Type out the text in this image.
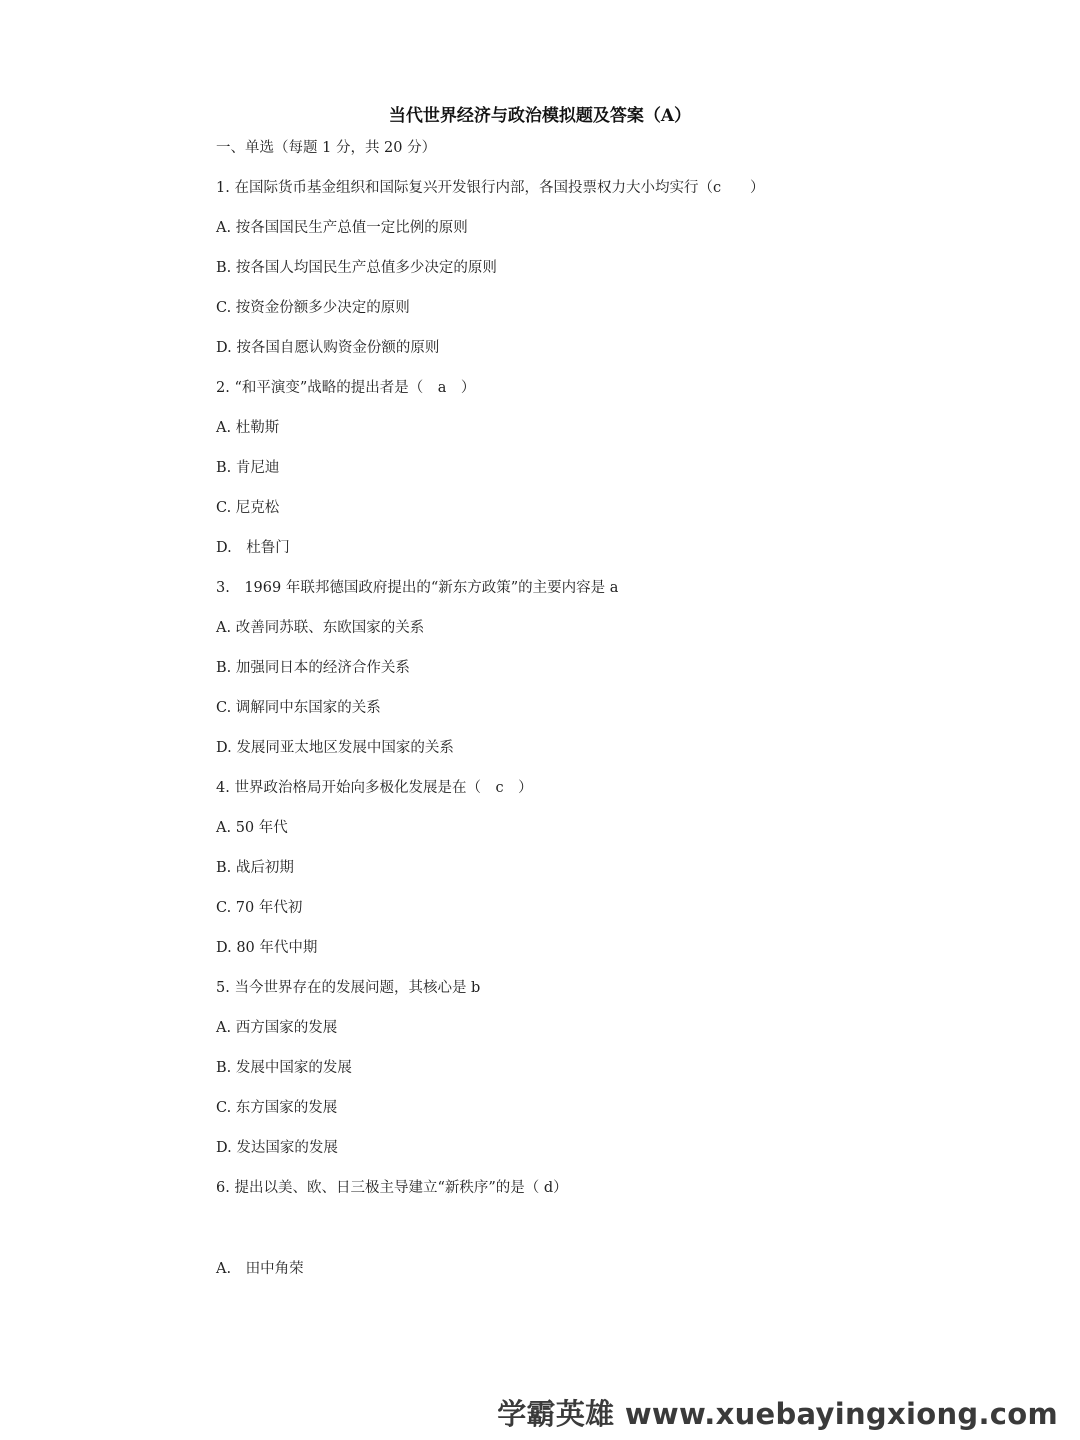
当代世界经济与政治模拟题及答案（A）
一、单选（每题 1 分，共 20 分）
1. 在国际货币基金组织和国际复兴开发银行内部，各国投票权力大小均实行（c　　）
A. 按各国国民生产总值一定比例的原则
B. 按各国人均国民生产总值多少决定的原则
C. 按资金份额多少决定的原则
D. 按各国自愿认购资金份额的原则
2. “和平演变”战略的提出者是（　a　）
A. 杜勒斯
B. 肯尼迪
C. 尼克松
D.　杜鲁门
3.　1969 年联邦德国政府提出的“新东方政策”的主要内容是 a
A. 改善同苏联、东欧国家的关系
B. 加强同日本的经济合作关系
C. 调解同中东国家的关系
D. 发展同亚太地区发展中国家的关系
4. 世界政治格局开始向多极化发展是在（　c　）
A. 50 年代
B. 战后初期
C. 70 年代初
D. 80 年代中期
5. 当今世界存在的发展问题，其核心是 b
A. 西方国家的发展
B. 发展中国家的发展
C. 东方国家的发展
D. 发达国家的发展
6. 提出以美、欧、日三极主导建立“新秩序”的是（ d）
A.　田中角荣
学霸英雄 www.xuebayingxiong.com
